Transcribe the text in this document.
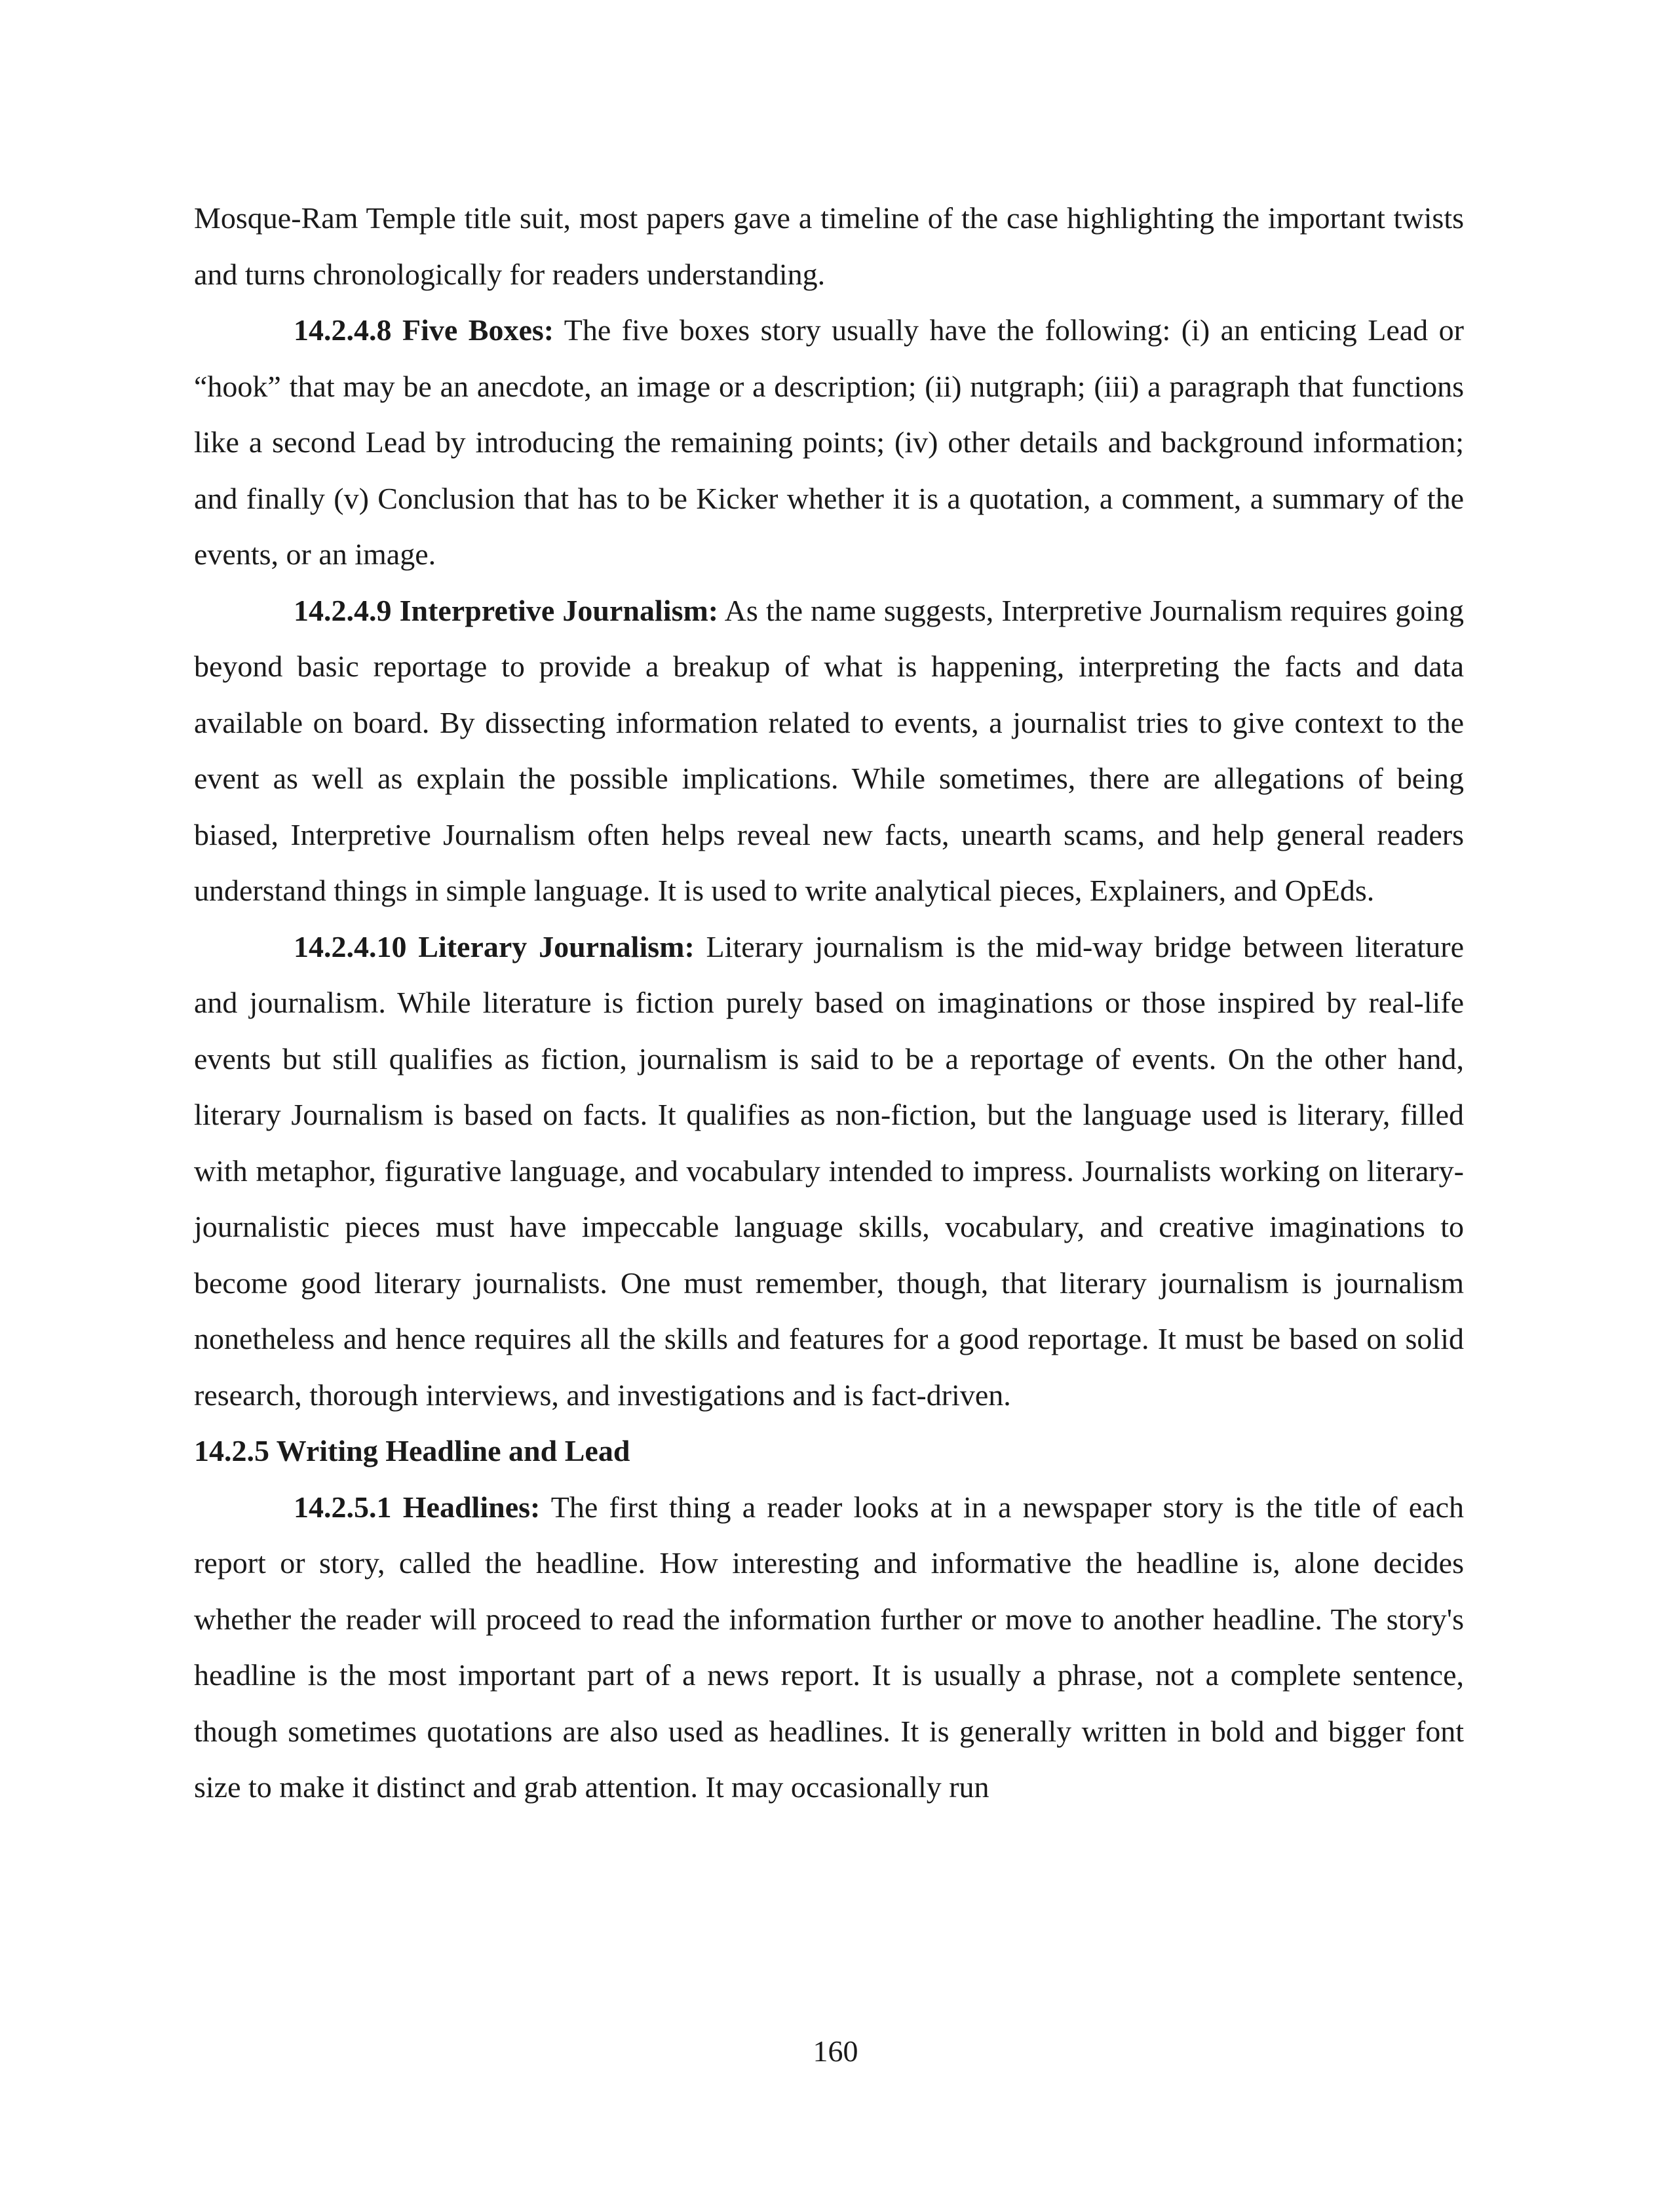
Mosque-Ram Temple title suit, most papers gave a timeline of the case highlighting the important twists and turns chronologically for readers understanding.

14.2.4.8 Five Boxes: The five boxes story usually have the following: (i) an enticing Lead or “hook” that may be an anecdote, an image or a description; (ii) nutgraph; (iii) a paragraph that functions like a second Lead by introducing the remaining points; (iv) other details and background information; and finally (v) Conclusion that has to be Kicker whether it is a quotation, a comment, a summary of the events, or an image.

14.2.4.9 Interpretive Journalism: As the name suggests, Interpretive Journalism requires going beyond basic reportage to provide a breakup of what is happening, interpreting the facts and data available on board. By dissecting information related to events, a journalist tries to give context to the event as well as explain the possible implications. While sometimes, there are allegations of being biased, Interpretive Journalism often helps reveal new facts, unearth scams, and help general readers understand things in simple language. It is used to write analytical pieces, Explainers, and OpEds.

14.2.4.10 Literary Journalism: Literary journalism is the mid-way bridge between literature and journalism. While literature is fiction purely based on imaginations or those inspired by real-life events but still qualifies as fiction, journalism is said to be a reportage of events. On the other hand, literary Journalism is based on facts. It qualifies as non-fiction, but the language used is literary, filled with metaphor, figurative language, and vocabulary intended to impress. Journalists working on literary-journalistic pieces must have impeccable language skills, vocabulary, and creative imaginations to become good literary journalists. One must remember, though, that literary journalism is journalism nonetheless and hence requires all the skills and features for a good reportage. It must be based on solid research, thorough interviews, and investigations and is fact-driven.

14.2.5 Writing Headline and Lead

14.2.5.1 Headlines: The first thing a reader looks at in a newspaper story is the title of each report or story, called the headline. How interesting and informative the headline is, alone decides whether the reader will proceed to read the information further or move to another headline. The story's headline is the most important part of a news report. It is usually a phrase, not a complete sentence, though sometimes quotations are also used as headlines. It is generally written in bold and bigger font size to make it distinct and grab attention. It may occasionally run

160
